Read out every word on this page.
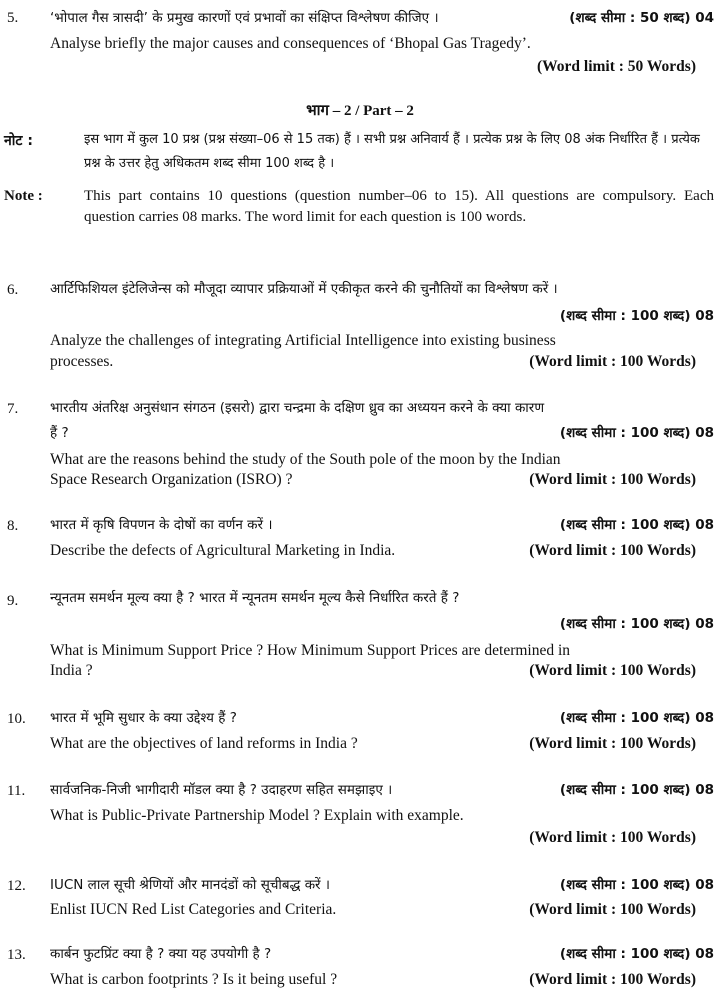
5.	‘भोपाल गैस त्रासदी’ के प्रमुख कारणों एवं प्रभावों का संक्षिप्त विश्लेषण कीजिए ।	(शब्द सीमा : 50 शब्द) 04
Analyse briefly the major causes and consequences of ‘Bhopal Gas Tragedy’.
(Word limit : 50 Words)
भाग – 2 / Part – 2
नोट :	इस भाग में कुल 10 प्रश्न (प्रश्न संख्या–06 से 15 तक) हैं । सभी प्रश्न अनिवार्य हैं । प्रत्येक प्रश्न के लिए 08 अंक निर्धारित हैं । प्रत्येक प्रश्न के उत्तर हेतु अधिकतम शब्द सीमा 100 शब्द है ।
Note :	This part contains 10 questions (question number–06 to 15). All questions are compulsory. Each question carries 08 marks. The word limit for each question is 100 words.
6.	आर्टिफिशियल इंटेलिजेन्स को मौजूदा व्यापार प्रक्रियाओं में एकीकृत करने की चुनौतियों का विश्लेषण करें ।
(शब्द सीमा : 100 शब्द) 08
Analyze the challenges of integrating Artificial Intelligence into existing business
processes.	(Word limit : 100 Words)
7.	भारतीय अंतरिक्ष अनुसंधान संगठन (इसरो) द्वारा चन्द्रमा के दक्षिण ध्रुव का अध्ययन करने के क्या कारण
हैं ?	(शब्द सीमा : 100 शब्द) 08
What are the reasons behind the study of the South pole of the moon by the Indian
Space Research Organization (ISRO) ?	(Word limit : 100 Words)
8.	भारत में कृषि विपणन के दोषों का वर्णन करें ।	(शब्द सीमा : 100 शब्द) 08
Describe the defects of Agricultural Marketing in India.	(Word limit : 100 Words)
9.	न्यूनतम समर्थन मूल्य क्या है ? भारत में न्यूनतम समर्थन मूल्य कैसे निर्धारित करते हैं ?
(शब्द सीमा : 100 शब्द) 08
What is Minimum Support Price ? How Minimum Support Prices are determined in
India ?	(Word limit : 100 Words)
10.	भारत में भूमि सुधार के क्या उद्देश्य हैं ?	(शब्द सीमा : 100 शब्द) 08
What are the objectives of land reforms in India ?	(Word limit : 100 Words)
11.	सार्वजनिक-निजी भागीदारी मॉडल क्या है ? उदाहरण सहित समझाइए ।	(शब्द सीमा : 100 शब्द) 08
What is Public-Private Partnership Model ? Explain with example.
(Word limit : 100 Words)
12.	IUCN लाल सूची श्रेणियों और मानदंडों को सूचीबद्ध करें ।	(शब्द सीमा : 100 शब्द) 08
Enlist IUCN Red List Categories and Criteria.	(Word limit : 100 Words)
13.	कार्बन फुटप्रिंट क्या है ? क्या यह उपयोगी है ?	(शब्द सीमा : 100 शब्द) 08
What is carbon footprints ? Is it being useful ?	(Word limit : 100 Words)
